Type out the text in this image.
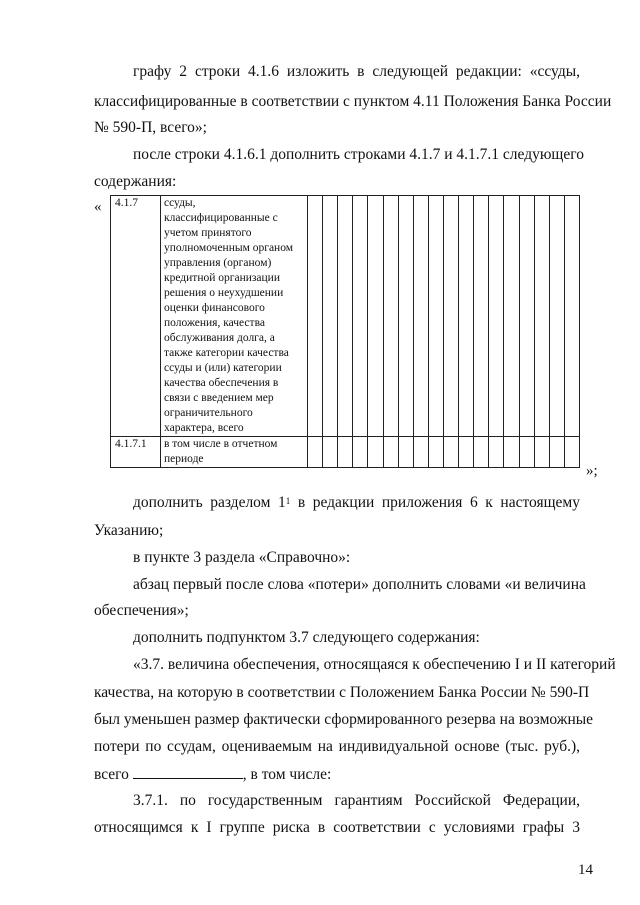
графу 2 строки 4.1.6 изложить в следующей редакции: «ссуды,
классифицированные в соответствии с пунктом 4.11 Положения Банка России
№ 590-П, всего»;
после строки 4.1.6.1 дополнить строками 4.1.7 и 4.1.7.1 следующего
содержания:
« 4.1.7	ссуды, классифицированные с учетом принятого уполномоченным органом управления (органом) кредитной организации решения о неухудшении оценки финансового положения, качества обслуживания долга, а также категории качества ссуды и (или) категории качества обеспечения в связи с введением мер ограничительного характера, всего																		
4.1.7.1	в том числе в отчетном периоде																		
»;
дополнить разделом $1^1$ в редакции приложения 6 к настоящему
Указанию;
в пункте 3 раздела «Справочно»:
абзац первый после слова «потери» дополнить словами «и величина
обеспечения»;
дополнить подпунктом 3.7 следующего содержания:
«3.7. величина обеспечения, относящаяся к обеспечению I и II категорий
качества, на которую в соответствии с Положением Банка России № 590-П
был уменьшен размер фактически сформированного резерва на возможные
потери по ссудам, оцениваемым на индивидуальной основе (тыс. руб.),
всего	, в том числе:
3.7.1. по государственным гарантиям Российской Федерации,
относящимся к I группе риска в соответствии с условиями графы 3
14
